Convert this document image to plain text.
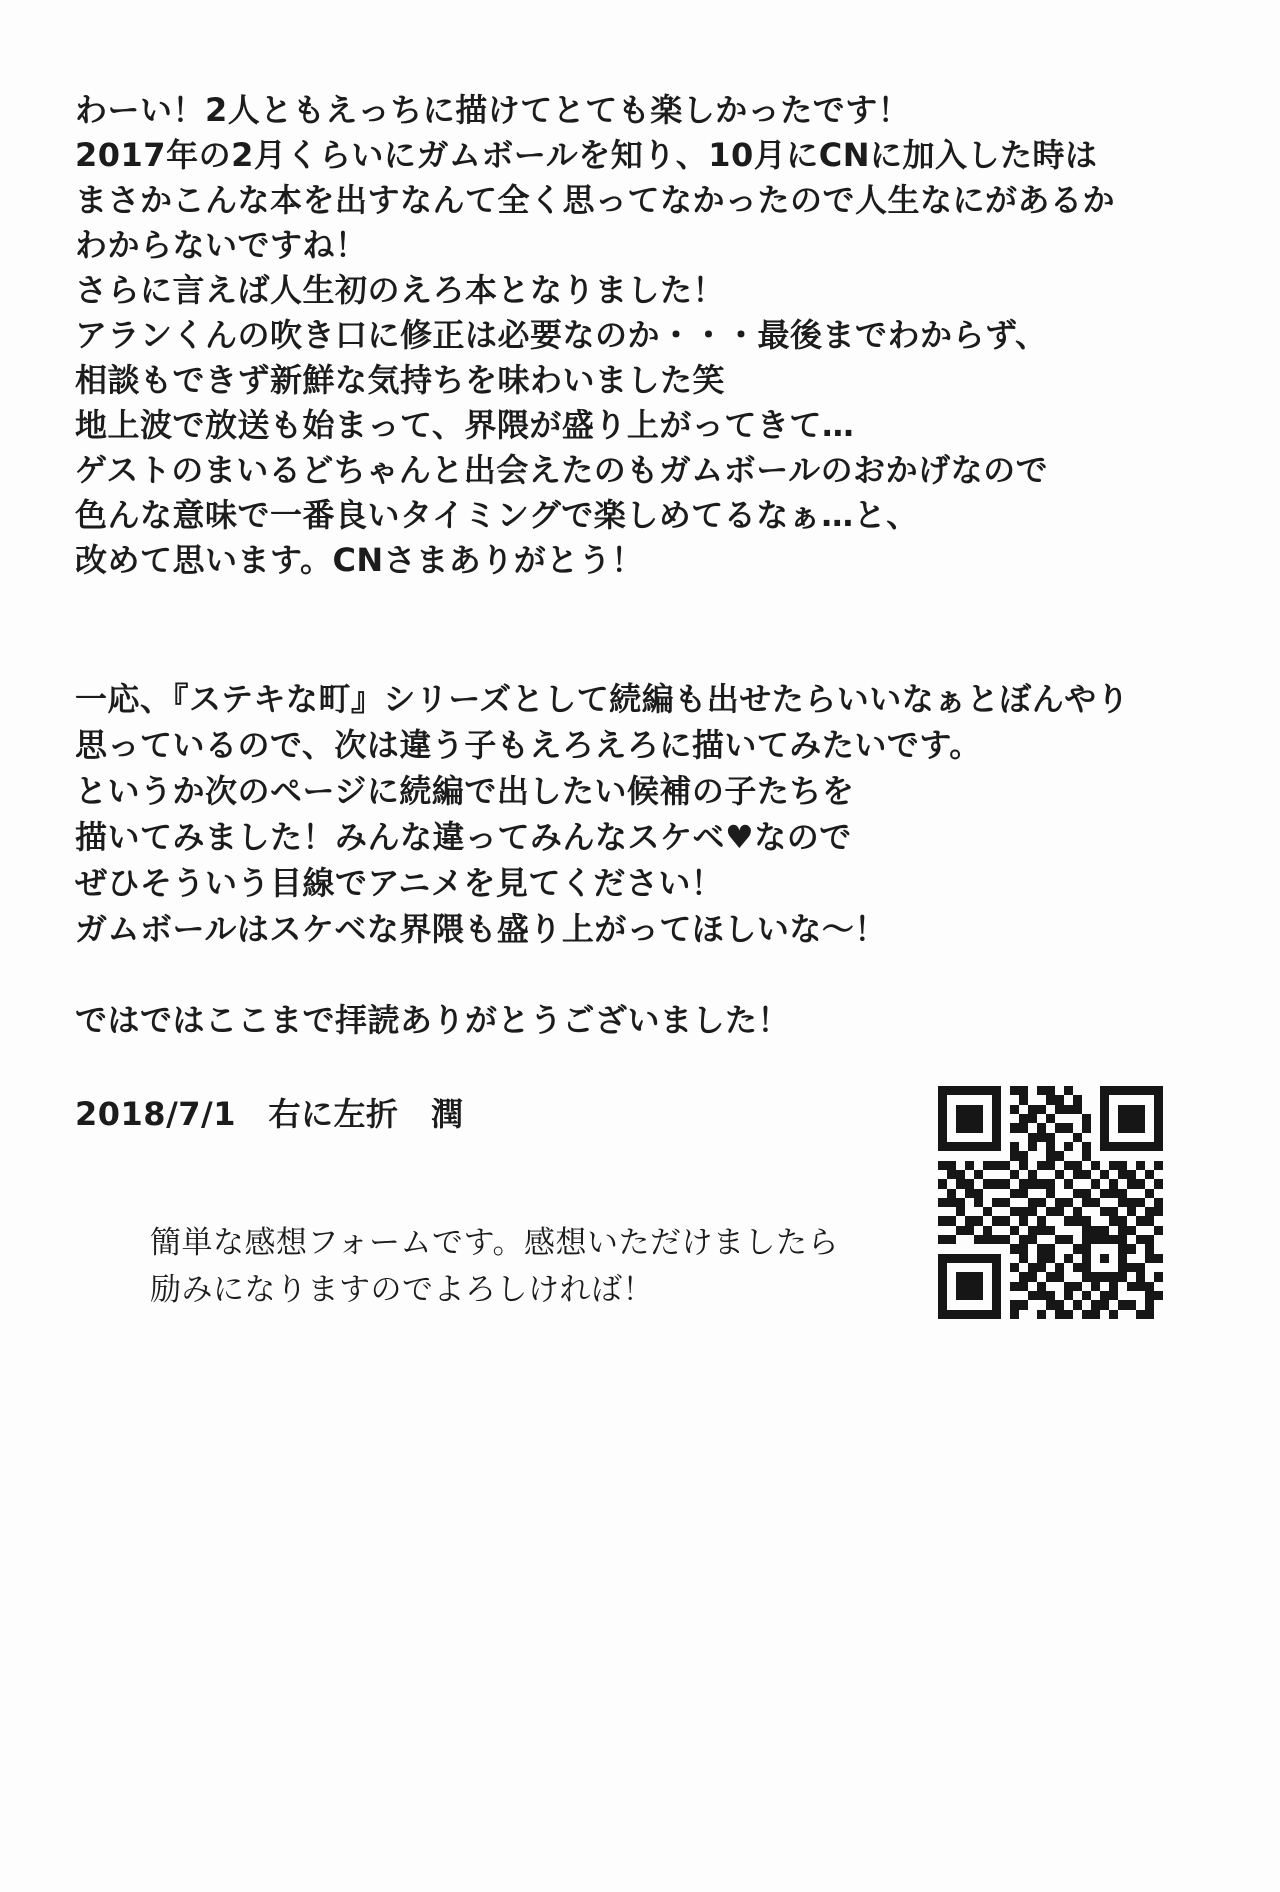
わーい！2人ともえっちに描けてとても楽しかったです！
2017年の2月くらいにガムボールを知り、10月にCNに加入した時は
まさかこんな本を出すなんて全く思ってなかったので人生なにがあるか
わからないですね！
さらに言えば人生初のえろ本となりました！
アランくんの吹き口に修正は必要なのか・・・最後までわからず、
相談もできず新鮮な気持ちを味わいました笑
地上波で放送も始まって、界隈が盛り上がってきて…
ゲストのまいるどちゃんと出会えたのもガムボールのおかげなので
色んな意味で一番良いタイミングで楽しめてるなぁ…と、
改めて思います。CNさまありがとう！
一応、『ステキな町』シリーズとして続編も出せたらいいなぁとぼんやり
思っているので、次は違う子もえろえろに描いてみたいです。
というか次のページに続編で出したい候補の子たちを
描いてみました！みんな違ってみんなスケベ♥なので
ぜひそういう目線でアニメを見てください！
ガムボールはスケベな界隈も盛り上がってほしいな〜！
ではではここまで拝読ありがとうございました！
2018/7/1　右に左折　潤
簡単な感想フォームです。感想いただけましたら
励みになりますのでよろしければ！
